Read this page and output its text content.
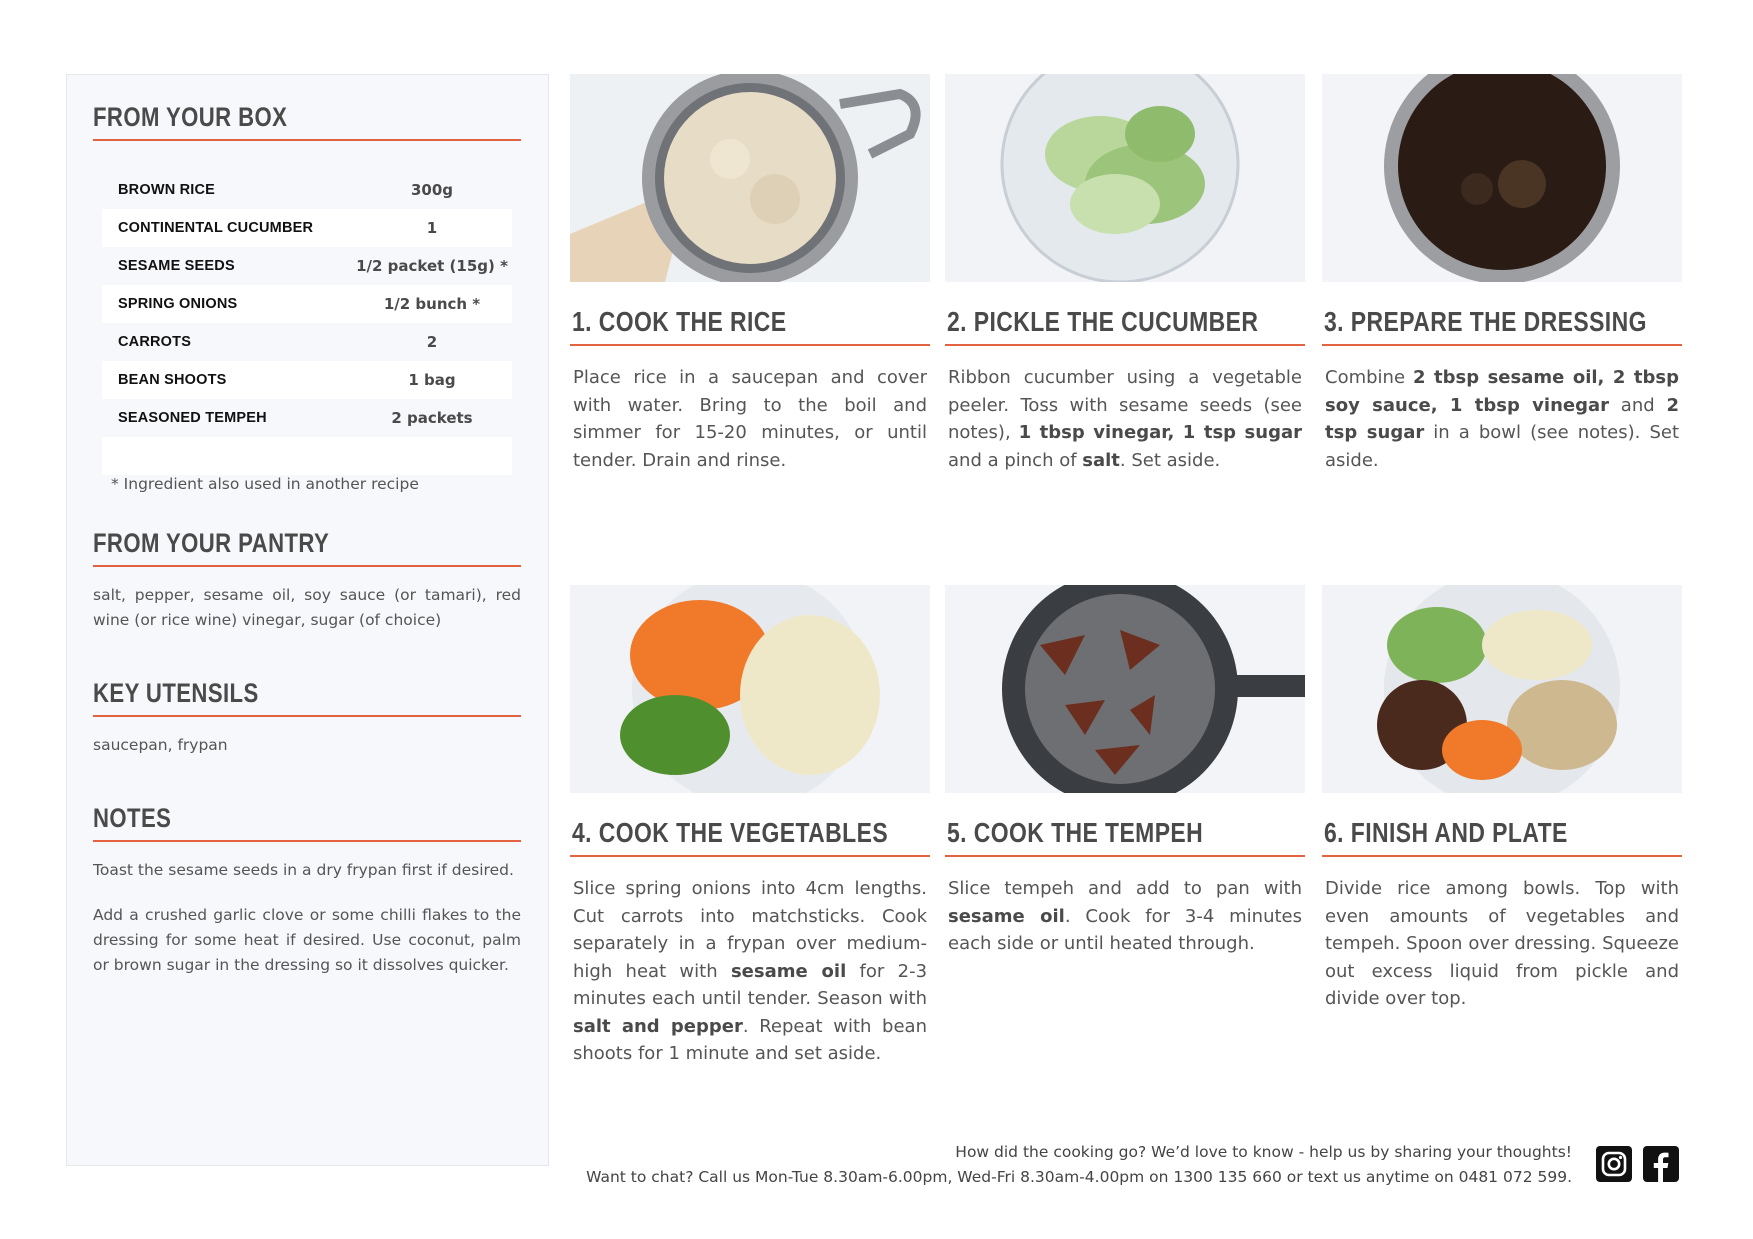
FROM YOUR BOX
BROWN RICE	300g
CONTINENTAL CUCUMBER	1
SESAME SEEDS	1/2 packet (15g) *
SPRING ONIONS	1/2 bunch *
CARROTS	2
BEAN SHOOTS	1 bag
SEASONED TEMPEH	2 packets
* Ingredient also used in another recipe
FROM YOUR PANTRY
salt, pepper, sesame oil, soy sauce (or tamari), red wine (or rice wine) vinegar, sugar (of choice)
KEY UTENSILS
saucepan, frypan
NOTES
Toast the sesame seeds in a dry frypan first if desired.
Add a crushed garlic clove or some chilli flakes to the dressing for some heat if desired. Use coconut, palm or brown sugar in the dressing so it dissolves quicker.
1. COOK THE RICE
Place rice in a saucepan and cover with water. Bring to the boil and simmer for 15-20 minutes, or until tender. Drain and rinse.
2. PICKLE THE CUCUMBER
Ribbon cucumber using a vegetable peeler. Toss with sesame seeds (see notes), 1 tbsp vinegar, 1 tsp sugar and a pinch of salt. Set aside.
3. PREPARE THE DRESSING
Combine 2 tbsp sesame oil, 2 tbsp soy sauce, 1 tbsp vinegar and 2 tsp sugar in a bowl (see notes). Set aside.
4. COOK THE VEGETABLES
Slice spring onions into 4cm lengths. Cut carrots into matchsticks. Cook separately in a frypan over medium-high heat with sesame oil for 2-3 minutes each until tender. Season with salt and pepper. Repeat with bean shoots for 1 minute and set aside.
5. COOK THE TEMPEH
Slice tempeh and add to pan with sesame oil. Cook for 3-4 minutes each side or until heated through.
6. FINISH AND PLATE
Divide rice among bowls. Top with even amounts of vegetables and tempeh. Spoon over dressing. Squeeze out excess liquid from pickle and divide over top.
How did the cooking go? We’d love to know - help us by sharing your thoughts!
Want to chat? Call us Mon-Tue 8.30am-6.00pm, Wed-Fri 8.30am-4.00pm on 1300 135 660 or text us anytime on 0481 072 599.
